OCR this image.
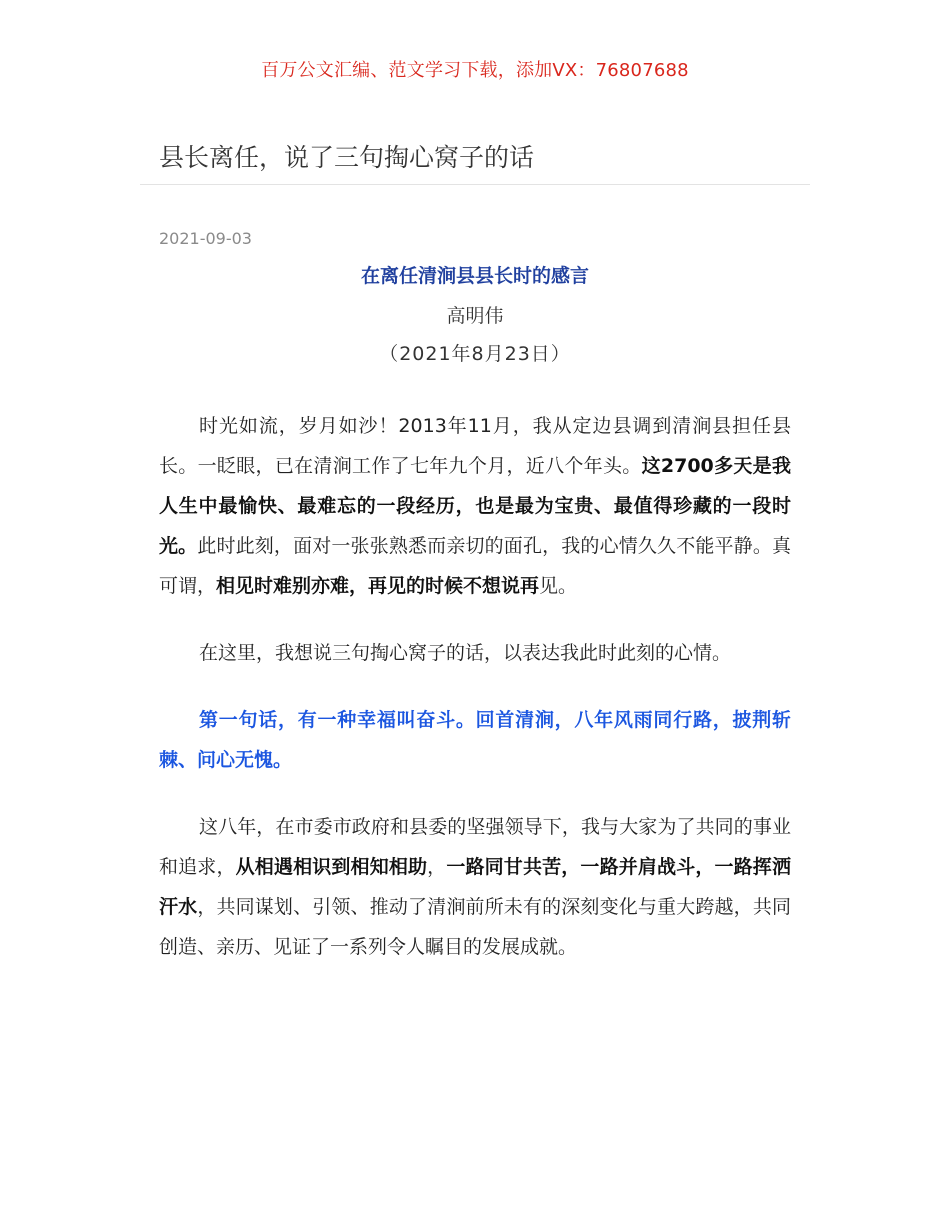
百万公文汇编、范文学习下载，添加VX：76807688
县长离任，说了三句掏心窝子的话
2021-09-03
在离任清涧县县长时的感言
高明伟
（2021年8月23日）

时光如流，岁月如沙！2013年11月，我从定边县调到清涧县担任县长。一眨眼，已在清涧工作了七年九个月，近八个年头。这2700多天是我人生中最愉快、最难忘的一段经历，也是最为宝贵、最值得珍藏的一段时光。此时此刻，面对一张张熟悉而亲切的面孔，我的心情久久不能平静。真可谓，相见时难别亦难，再见的时候不想说再见。

在这里，我想说三句掏心窝子的话，以表达我此时此刻的心情。

第一句话，有一种幸福叫奋斗。回首清涧，八年风雨同行路，披荆斩棘、问心无愧。

这八年，在市委市政府和县委的坚强领导下，我与大家为了共同的事业和追求，从相遇相识到相知相助，一路同甘共苦，一路并肩战斗，一路挥洒汗水，共同谋划、引领、推动了清涧前所未有的深刻变化与重大跨越，共同创造、亲历、见证了一系列令人瞩目的发展成就。
